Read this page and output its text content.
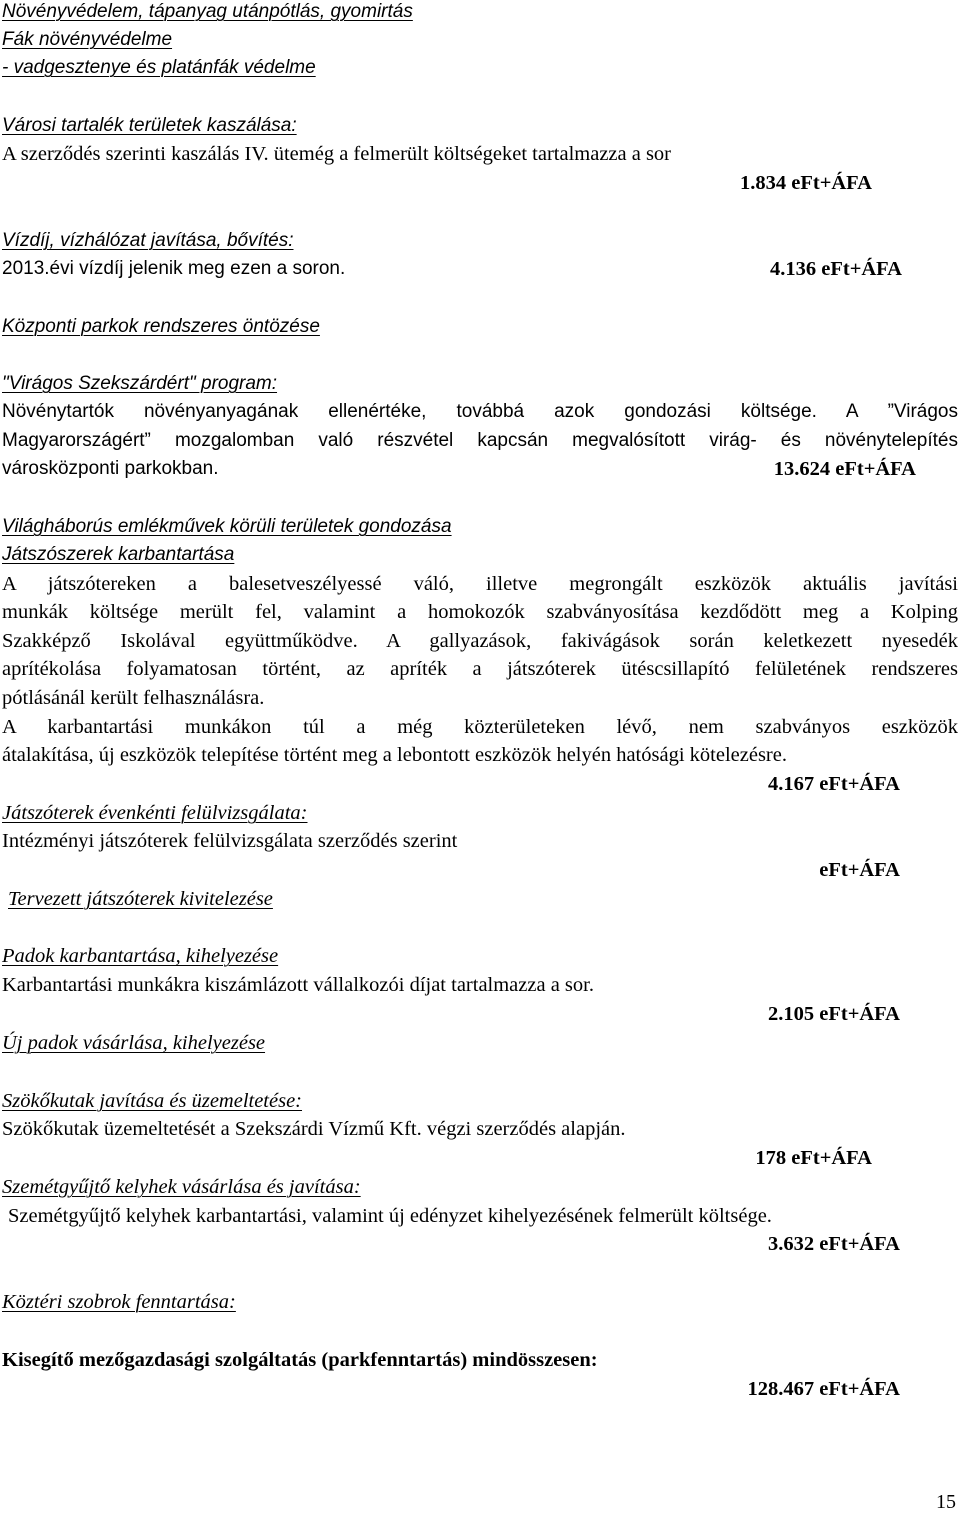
Növényvédelem, tápanyag utánpótlás, gyomirtás
Fák növényvédelme
- vadgesztenye és platánfák védelme
Városi tartalék területek kaszálása:
A szerződés szerinti kaszálás IV. ütemég a felmerült költségeket tartalmazza a sor
1.834 eFt+ÁFA
Vízdíj, vízhálózat javítása, bővítés:
2013.évi vízdíj jelenik meg ezen a soron.	4.136 eFt+ÁFA
Központi parkok rendszeres öntözése
"Virágos Szekszárdért" program:
Növénytartók növényanyagának ellenértéke, továbbá azok gondozási költsége. A ”Virágos
Magyarországért” mozgalomban való részvétel kapcsán megvalósított virág- és növénytelepítés
városközponti parkokban.	13.624 eFt+ÁFA
Világháborús emlékművek körüli területek gondozása
Játszószerek karbantartása
A játszótereken a balesetveszélyessé váló, illetve megrongált eszközök aktuális javítási
munkák költsége merült fel, valamint a homokozók szabványosítása kezdődött meg a Kolping
Szakképző Iskolával együttműködve. A gallyazások, fakivágások során keletkezett nyesedék
aprítékolása folyamatosan történt, az apríték a játszóterek ütéscsillapító felületének rendszeres
pótlásánál került felhasználásra.
A karbantartási munkákon túl a még közterületeken lévő, nem szabványos eszközök
átalakítása, új eszközök telepítése történt meg a lebontott eszközök helyén hatósági kötelezésre.
4.167 eFt+ÁFA
Játszóterek évenkénti felülvizsgálata:
Intézményi játszóterek felülvizsgálata szerződés szerint
eFt+ÁFA
Tervezett játszóterek kivitelezése
Padok karbantartása, kihelyezése
Karbantartási munkákra kiszámlázott vállalkozói díjat tartalmazza a sor.
2.105 eFt+ÁFA
Új padok vásárlása, kihelyezése
Szökőkutak javítása és üzemeltetése:
Szökőkutak üzemeltetését a Szekszárdi Vízmű Kft. végzi szerződés alapján.
178 eFt+ÁFA
Szemétgyűjtő kelyhek vásárlása és javítása:
Szemétgyűjtő kelyhek karbantartási, valamint új edényzet kihelyezésének felmerült költsége.
3.632 eFt+ÁFA
Köztéri szobrok fenntartása:
Kisegítő mezőgazdasági szolgáltatás (parkfenntartás) mindösszesen:
128.467 eFt+ÁFA
15
